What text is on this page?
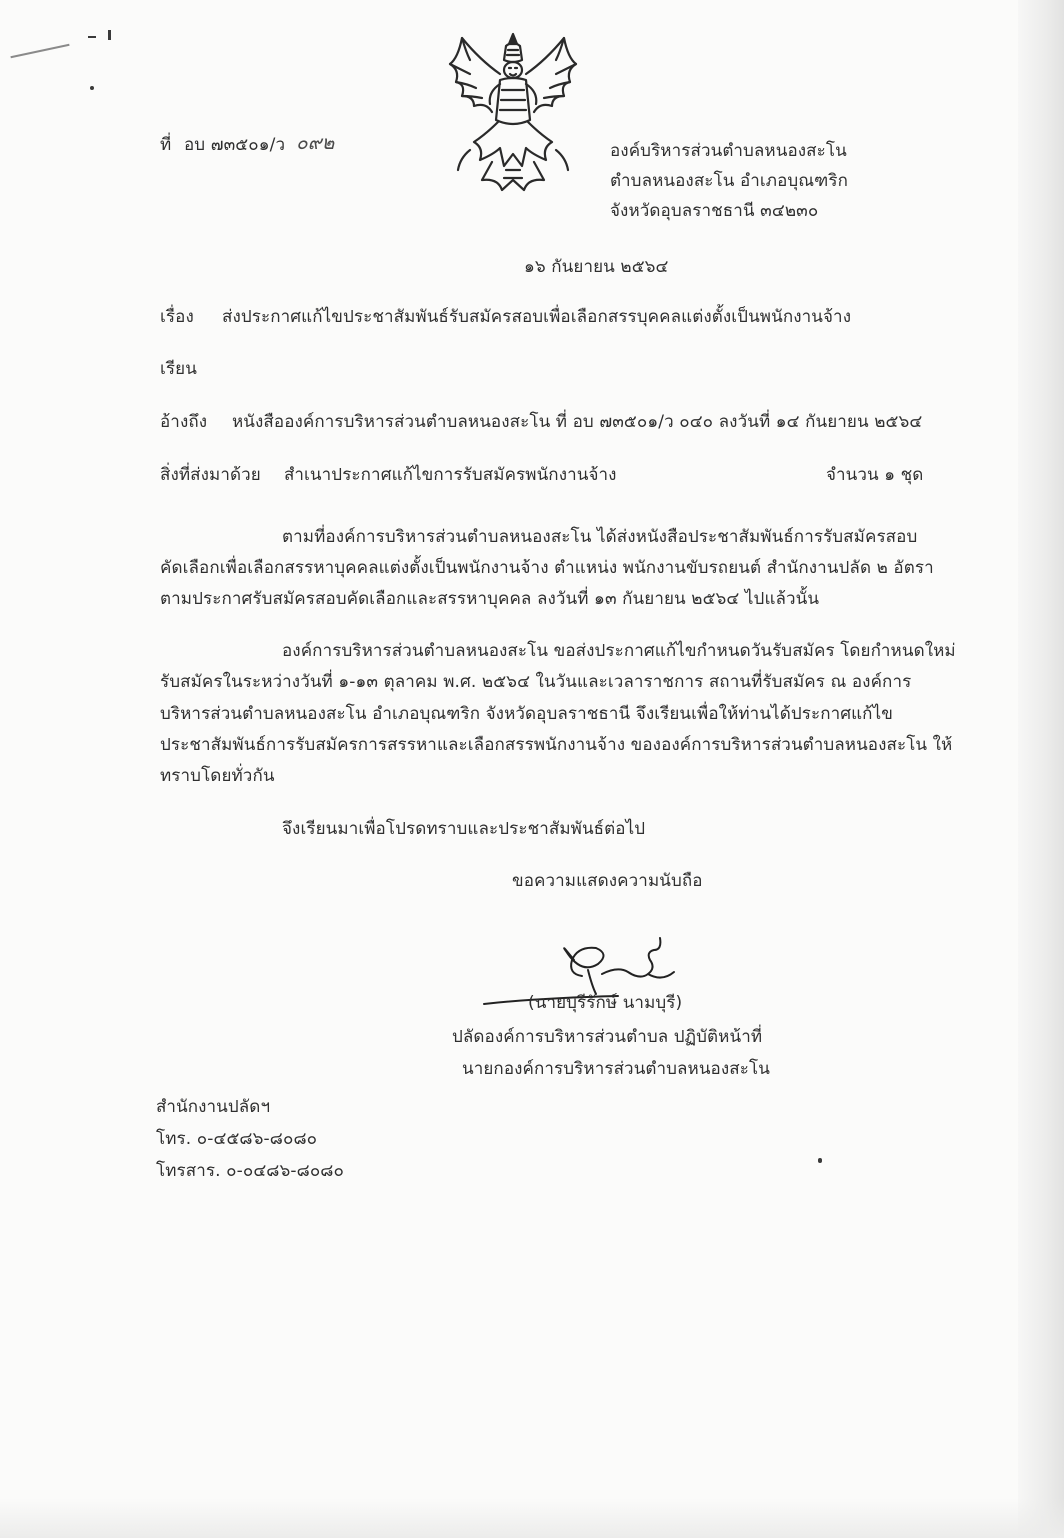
ที่ อบ ๗๓๕๐๑/ว ๐๙๒	องค์บริหารส่วนตำบลหนองสะโน
ตำบลหนองสะโน อำเภอบุณฑริก
จังหวัดอุบลราชธานี ๓๔๒๓๐
๑๖ กันยายน ๒๕๖๔
เรื่อง ส่งประกาศแก้ไขประชาสัมพันธ์รับสมัครสอบเพื่อเลือกสรรบุคคลแต่งตั้งเป็นพนักงานจ้าง
เรียน
อ้างถึง หนังสือองค์การบริหารส่วนตำบลหนองสะโน ที่ อบ ๗๓๕๐๑/ว ๐๔๐ ลงวันที่ ๑๔ กันยายน ๒๕๖๔
สิ่งที่ส่งมาด้วย สำเนาประกาศแก้ไขการรับสมัครพนักงานจ้าง	จำนวน ๑ ชุด
ตามที่องค์การบริหารส่วนตำบลหนองสะโน ได้ส่งหนังสือประชาสัมพันธ์การรับสมัครสอบ
คัดเลือกเพื่อเลือกสรรหาบุคคลแต่งตั้งเป็นพนักงานจ้าง ตำแหน่ง พนักงานขับรถยนต์ สำนักงานปลัด ๒ อัตรา
ตามประกาศรับสมัครสอบคัดเลือกและสรรหาบุคคล ลงวันที่ ๑๓ กันยายน ๒๕๖๔ ไปแล้วนั้น
องค์การบริหารส่วนตำบลหนองสะโน ขอส่งประกาศแก้ไขกำหนดวันรับสมัคร โดยกำหนดใหม่
รับสมัครในระหว่างวันที่ ๑-๑๓ ตุลาคม พ.ศ. ๒๕๖๔ ในวันและเวลาราชการ สถานที่รับสมัคร ณ องค์การ
บริหารส่วนตำบลหนองสะโน อำเภอบุณฑริก จังหวัดอุบลราชธานี จึงเรียนเพื่อให้ท่านได้ประกาศแก้ไข
ประชาสัมพันธ์การรับสมัครการสรรหาและเลือกสรรพนักงานจ้าง ขององค์การบริหารส่วนตำบลหนองสะโน ให้
ทราบโดยทั่วกัน
จึงเรียนมาเพื่อโปรดทราบและประชาสัมพันธ์ต่อไป
ขอความแสดงความนับถือ
(นายบุรีรักษ์ นามบุรี)
ปลัดองค์การบริหารส่วนตำบล ปฏิบัติหน้าที่
นายกองค์การบริหารส่วนตำบลหนองสะโน
สำนักงานปลัดฯ
โทร. ๐-๔๕๘๖-๘๐๘๐
โทรสาร. ๐-๐๔๘๖-๘๐๘๐
